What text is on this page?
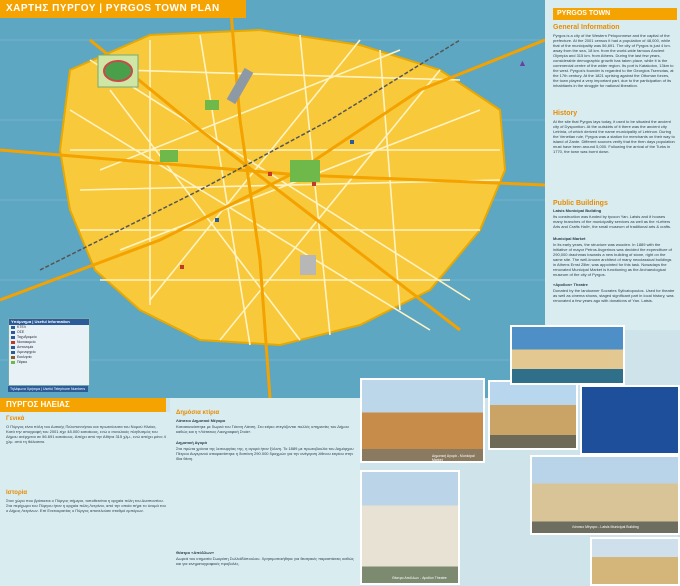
ΧΑΡΤΗΣ ΠΥΡΓΟΥ | PYRGOS TOWN PLAN
▲
Υπόμνημα | Useful Information
ΚΤΕΛ
ΟΣΕ
Ταχυδρομείο
Νοσοκομείο
Αστυνομία
Λιμεναρχείο
Εκκλησία
Πάρκο
Τηλέφωνα Χρήσιμα | Useful Telephone Numbers
PYRGOS TOWN
General Information
Pyrgos is a city of the Western Peloponnese and the capital of the prefecture. At the 2001 census it had a population of 48,000, while that of the municipality was 56,691. The city of Pyrgos is just 4 km. away from the sea, 18 km. from the world-wide famous Ancient Olympia and 315 km. from Athens. During the last few years, considerable demographic growth has taken place, while it is the commercial centre of the wider region. Its port is Katakolon, 13km to the west. Pyrgos's founder is regarded to the Georgios Tsernotas, at the 17th century. At the 1821 uprising against the Ottoman forces, the town played a very important part, due to the participation of its inhabitants in the struggle for national liberation.
History
At the site that Pyrgos lays today, it used to be situated the ancient city of Dyspontion. At the outskirts of it there was the ancient city Letrinia, of which derived the name municipality of Letrinon. During the Venetian rule, Pyrgos was a station for merchants on their way to island of Zante. Different sources verify that the then days population must have been around 5,000. Following the arrival of the Turks in 1770, the town was burnt down.
Public Buildings
Latsis Municipal Building
Its construction was funded by tycoon Yan. Latsis and it houses many branches of the municipality services as well as the «Letters Arts and Crafts Hall», the small museum of traditional arts & crafts.
Municipal Market
In its early years, the structure was wooden. In 1889 with the initiative of mayor Petros Avgerinos was decided the expenditure of 290,000 drachmas towards a new building of stone, right on the same site. The well-known architect of many neoclassical buildings in Athens Ernst Ziller, was appointed for this task. Nowadays the renovated Municipal Market is functioning as the Archaeological museum of the city of Pyrgos.
«Apollon» Theatre
Donated by the landowner Socrates Sylivatopoulos. Used for theatre as well as cinema shows, staged significant part in local history, was renovated a few years ago with donations of Yan. Latsis.
ΠΥΡΓΟΣ ΗΛΕΙΑΣ
Γενικά
Ο Πύργος είναι πόλη του Δυτικής Πελοποννήσου και πρωτεύουσα του Νομού Ηλείας. Κατά την απογραφή του 2001 είχε 48.000 κατοίκους, ενώ ο συνολικός πληθυσμός του Δήμου ανέρχεται σε 56.691 κατοίκους. Απέχει από την Αθήνα 315 χλμ., ενώ απέχει μόνο 4 χλμ. από τη θάλασσα.
Ιστορία
Στον χώρο που βρίσκεται ο Πύργος σήμερα, τοποθετείται η αρχαία πόλη του Δυσποντίου. Στα περίχωρα του Πύργου ήταν η αρχαία πόλη Λετρίνοι, από την οποία πήρε το όνομά του ο Δήμος Λετρίνων. Επί Ενετοκρατίας ο Πύργος αποτελούσε σταθμό εμπόρων.
Δημόσια κτίρια
Λάτσειο Δημοτικό Μέγαρο
Κατασκευάστηκε με δωρεά του Γιάννη Λάτση. Στο κτίριο στεγάζονται πολλές υπηρεσίες του Δήμου καθώς και η «Λάτσειος Λαογραφική Στοά».
Δημοτική Αγορά
Στα πρώτα χρόνια της λειτουργίας της, η αγορά ήταν ξύλινη. Το 1889 με πρωτοβουλία του Δημάρχου Πέτρου Αυγερινού αποφασίστηκε η δαπάνη 290.000 δραχμών για την ανέγερση λίθινου κτιρίου στην ίδια θέση.
Θέατρο «Απόλλων»
Δωρεά του κτηματία Σωκράτη Συλλαϊδόπουλου. Χρησιμοποιήθηκε για θεατρικές παραστάσεις καθώς και για κινηματογραφικές προβολές.
Δημοτική Αγορά - Municipal Market
Θέατρο Απόλλων - Apollon Theatre
Λάτσειο Μέγαρο - Latsis Municipal Building
